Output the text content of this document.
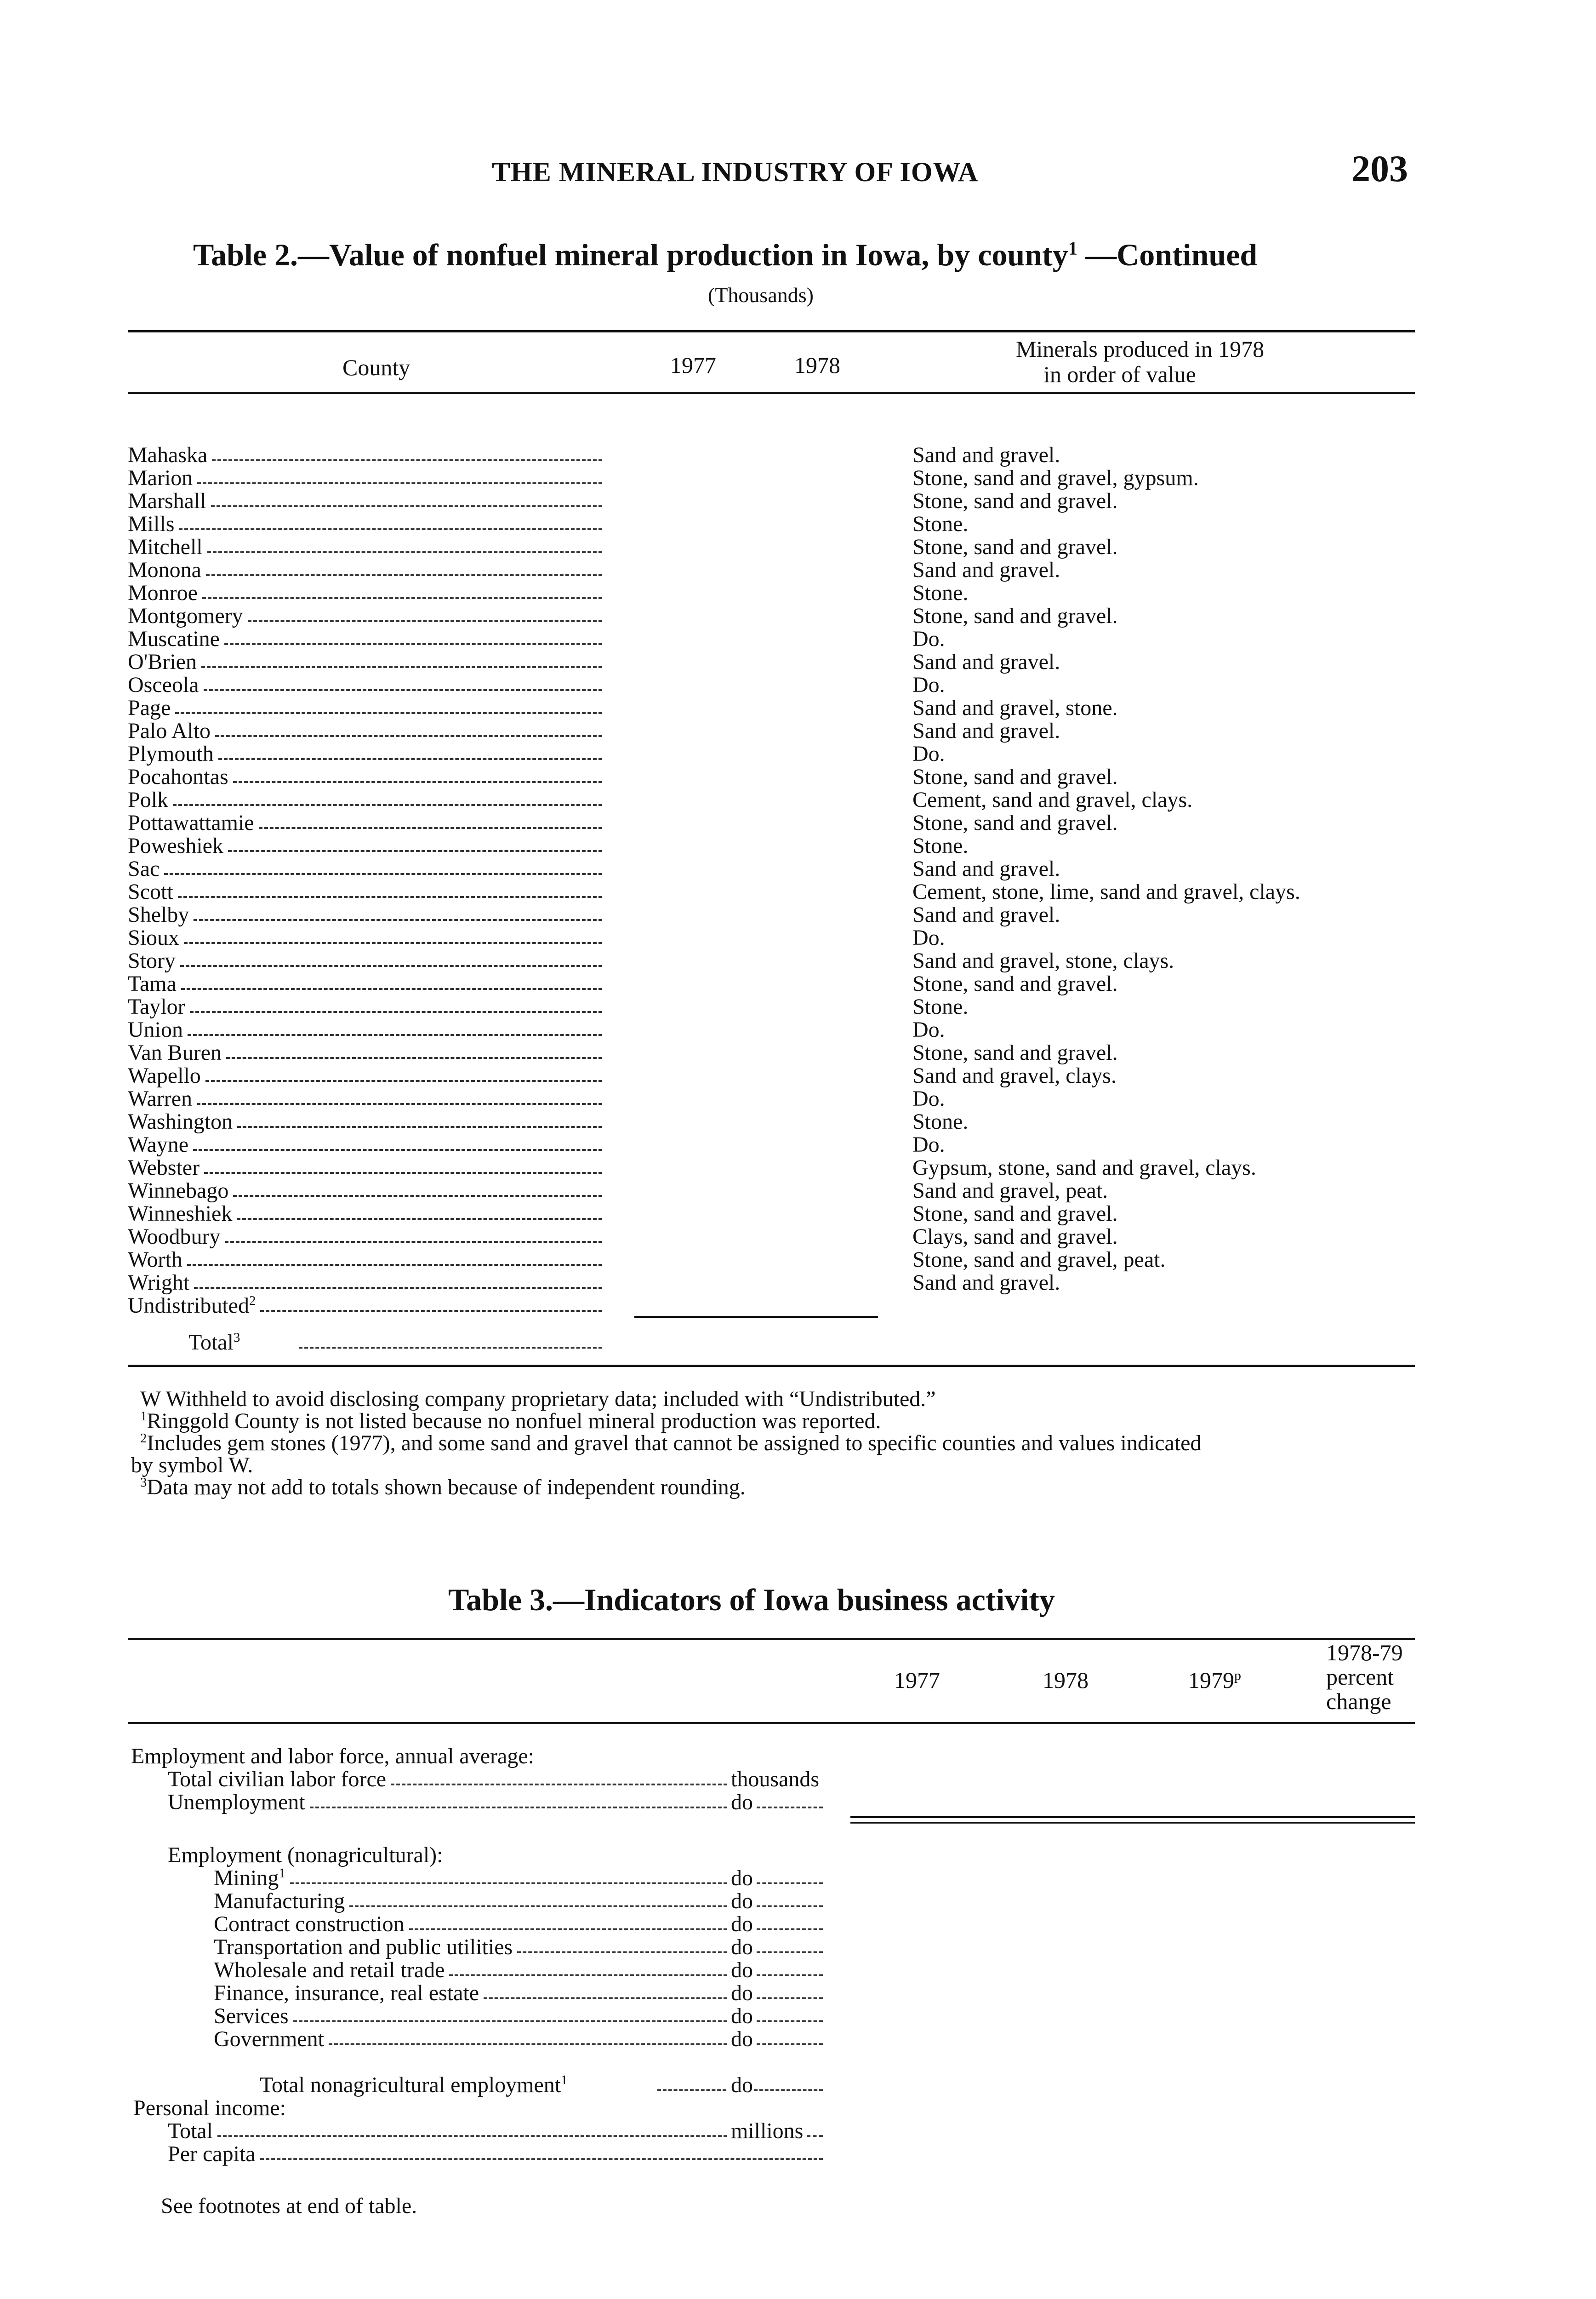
THE MINERAL INDUSTRY OF IOWA	203
Table 2.—Value of nonfuel mineral production in Iowa, by county$^1$ —Continued
(Thousands)
County	1977	1978
Minerals produced in 1978
in order of value
Mahaska	Sand and gravel.
Marion	Stone, sand and gravel, gypsum.
Marshall	Stone, sand and gravel.
Mills	Stone.
Mitchell	Stone, sand and gravel.
Monona	Sand and gravel.
Monroe	Stone.
Montgomery	Stone, sand and gravel.
Muscatine	Do.
O'Brien	Sand and gravel.
Osceola	Do.
Page	Sand and gravel, stone.
Palo Alto	Sand and gravel.
Plymouth	Do.
Pocahontas	Stone, sand and gravel.
Polk	Cement, sand and gravel, clays.
Pottawattamie	Stone, sand and gravel.
Poweshiek	Stone.
Sac	Sand and gravel.
Scott	Cement, stone, lime, sand and gravel, clays.
Shelby	Sand and gravel.
Sioux	Do.
Story	Sand and gravel, stone, clays.
Tama	Stone, sand and gravel.
Taylor	Stone.
Union	Do.
Van Buren	Stone, sand and gravel.
Wapello	Sand and gravel, clays.
Warren	Do.
Washington	Stone.
Wayne	Do.
Webster	Gypsum, stone, sand and gravel, clays.
Winnebago	Sand and gravel, peat.
Winneshiek	Stone, sand and gravel.
Woodbury	Clays, sand and gravel.
Worth	Stone, sand and gravel, peat.
Wright	Sand and gravel.
Undistributed$^2$
Total$^3$
W Withheld to avoid disclosing company proprietary data; included with “Undistributed.”
$^1$Ringgold County is not listed because no nonfuel mineral production was reported.
$^2$Includes gem stones (1977), and some sand and gravel that cannot be assigned to specific counties and values indicated
by symbol W.
$^3$Data may not add to totals shown because of independent rounding.
Table 3.—Indicators of Iowa business activity
1977	1978	1979$^p$
1978-79
percent
change
Employment and labor force, annual average:
Total civilian labor force	thousands
Unemployment	do
Employment (nonagricultural):
Mining$^1$	do
Manufacturing	do
Contract construction	do
Transportation and public utilities	do
Wholesale and retail trade	do
Finance, insurance, real estate	do
Services	do
Government	do
Total nonagricultural employment$^1$	do
Personal income:
Total	millions
Per capita
See footnotes at end of table.
